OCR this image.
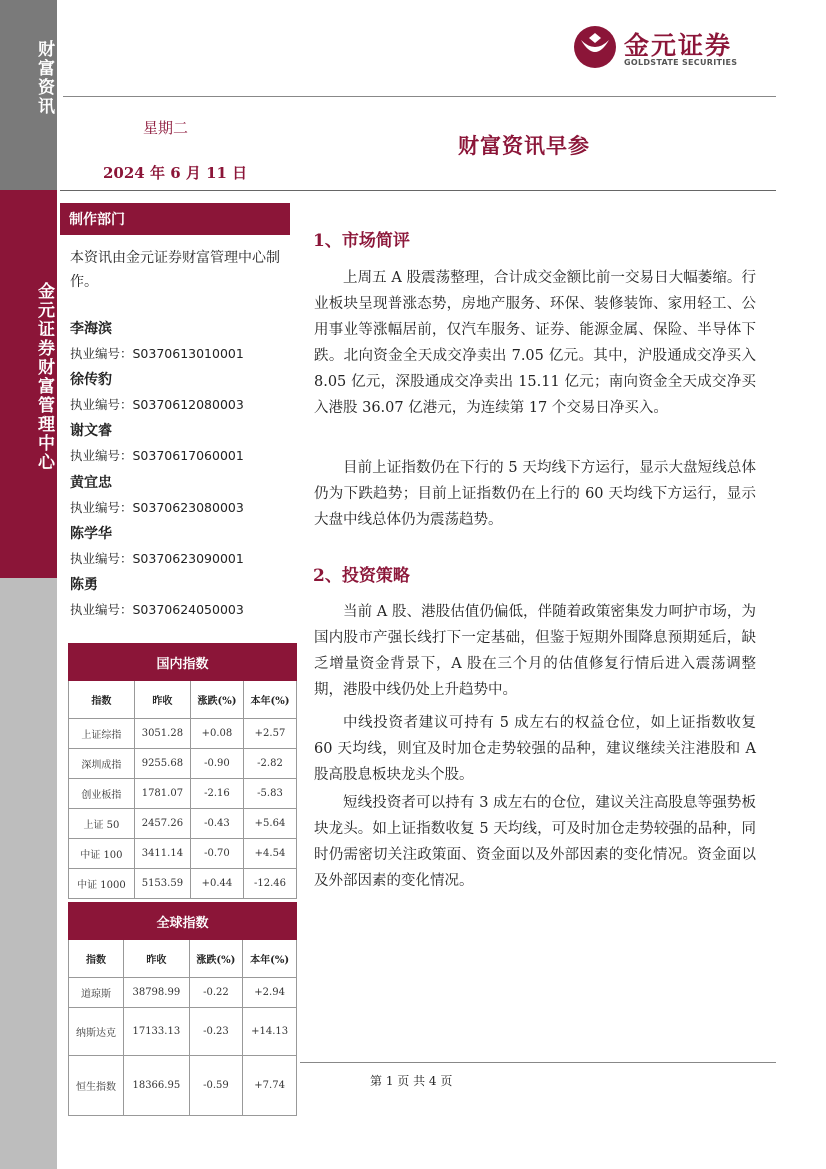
财富资讯
金元证券财富管理中心
金元证券
GOLDSTATE SECURITIES
星期二
2024 年 6 月 11 日
财富资讯早参
制作部门
本资讯由金元证券财富管理中心制作。
李海滨
执业编号：S0370613010001
徐传豹
执业编号：S0370612080003
谢文睿
执业编号：S0370617060001
黄宜忠
执业编号：S0370623080003
陈学华
执业编号：S0370623090001
陈勇
执业编号：S0370624050003
国内指数			
指数	昨收	涨跌(%)	本年(%)
上证综指	3051.28	+0.08	+2.57
深圳成指	9255.68	-0.90	-2.82
创业板指	1781.07	-2.16	-5.83
上证 50	2457.26	-0.43	+5.64
中证 100	3411.14	-0.70	+4.54
中证 1000	5153.59	+0.44	-12.46
全球指数			
指数	昨收	涨跌(%)	本年(%)
道琼斯	38798.99	-0.22	+2.94
纳斯达克	17133.13	-0.23	+14.13
恒生指数	18366.95	-0.59	+7.74
1、市场简评

上周五 A 股震荡整理，合计成交金额比前一交易日大幅萎缩。行业板块呈现普涨态势，房地产服务、环保、装修装饰、家用轻工、公用事业等涨幅居前，仅汽车服务、证券、能源金属、保险、半导体下跌。北向资金全天成交净卖出 7.05 亿元。其中，沪股通成交净买入 8.05 亿元，深股通成交净卖出 15.11 亿元；南向资金全天成交净买入港股 36.07 亿港元，为连续第 17 个交易日净买入。

目前上证指数仍在下行的 5 天均线下方运行，显示大盘短线总体仍为下跌趋势；目前上证指数仍在上行的 60 天均线下方运行，显示大盘中线总体仍为震荡趋势。

2、投资策略

当前 A 股、港股估值仍偏低，伴随着政策密集发力呵护市场，为国内股市产强长线打下一定基础，但鉴于短期外围降息预期延后，缺乏增量资金背景下，A 股在三个月的估值修复行情后进入震荡调整期，港股中线仍处上升趋势中。

中线投资者建议可持有 5 成左右的权益仓位，如上证指数收复 60 天均线，则宜及时加仓走势较强的品种，建议继续关注港股和 A 股高股息板块龙头个股。

短线投资者可以持有 3 成左右的仓位，建议关注高股息等强势板块龙头。如上证指数收复 5 天均线，可及时加仓走势较强的品种，同时仍需密切关注政策面、资金面以及外部因素的变化情况。资金面以及外部因素的变化情况。

第 1 页 共 4 页
